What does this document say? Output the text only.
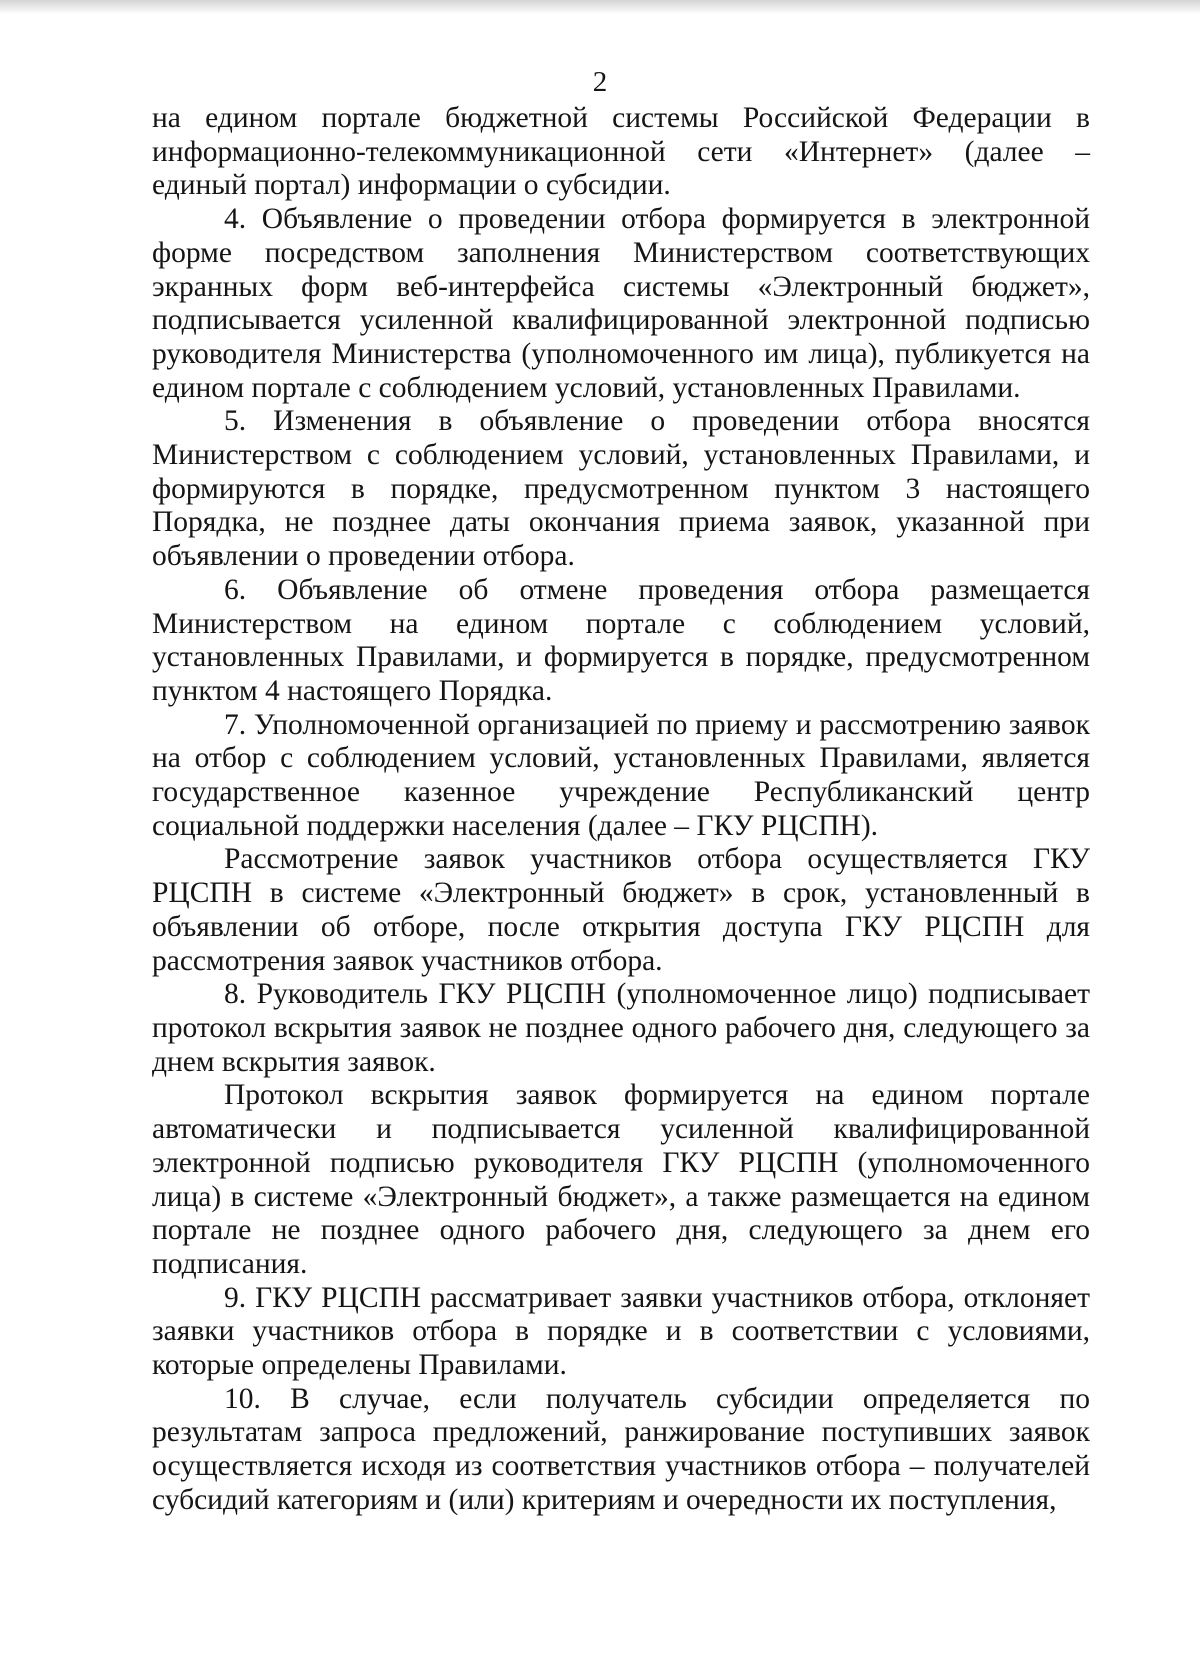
2

на едином портале бюджетной системы Российской Федерации в информационно-телекоммуникационной сети «Интернет» (далее – единый портал) информации о субсидии.

4. Объявление о проведении отбора формируется в электронной форме посредством заполнения Министерством соответствующих экранных форм веб-интерфейса системы «Электронный бюджет», подписывается усиленной квалифицированной электронной подписью руководителя Министерства (уполномоченного им лица), публикуется на едином портале с соблюдением условий, установленных Правилами.

5. Изменения в объявление о проведении отбора вносятся Министерством с соблюдением условий, установленных Правилами, и формируются в порядке, предусмотренном пунктом 3 настоящего Порядка, не позднее даты окончания приема заявок, указанной при объявлении о проведении отбора.

6. Объявление об отмене проведения отбора размещается Министерством на едином портале с соблюдением условий, установленных Правилами, и формируется в порядке, предусмотренном пунктом 4 настоящего Порядка.

7. Уполномоченной организацией по приему и рассмотрению заявок на отбор с соблюдением условий, установленных Правилами, является государственное казенное учреждение Республиканский центр социальной поддержки населения (далее – ГКУ РЦСПН).

Рассмотрение заявок участников отбора осуществляется ГКУ РЦСПН в системе «Электронный бюджет» в срок, установленный в объявлении об отборе, после открытия доступа ГКУ РЦСПН для рассмотрения заявок участников отбора.

8. Руководитель ГКУ РЦСПН (уполномоченное лицо) подписывает протокол вскрытия заявок не позднее одного рабочего дня, следующего за днем вскрытия заявок.

Протокол вскрытия заявок формируется на едином портале автоматически и подписывается усиленной квалифицированной электронной подписью руководителя ГКУ РЦСПН (уполномоченного лица) в системе «Электронный бюджет», а также размещается на едином портале не позднее одного рабочего дня, следующего за днем его подписания.

9. ГКУ РЦСПН рассматривает заявки участников отбора, отклоняет заявки участников отбора в порядке и в соответствии с условиями, которые определены Правилами.

10. В случае, если получатель субсидии определяется по результатам запроса предложений, ранжирование поступивших заявок осуществляется исходя из соответствия участников отбора – получателей субсидий категориям и (или) критериям и очередности их поступления,
